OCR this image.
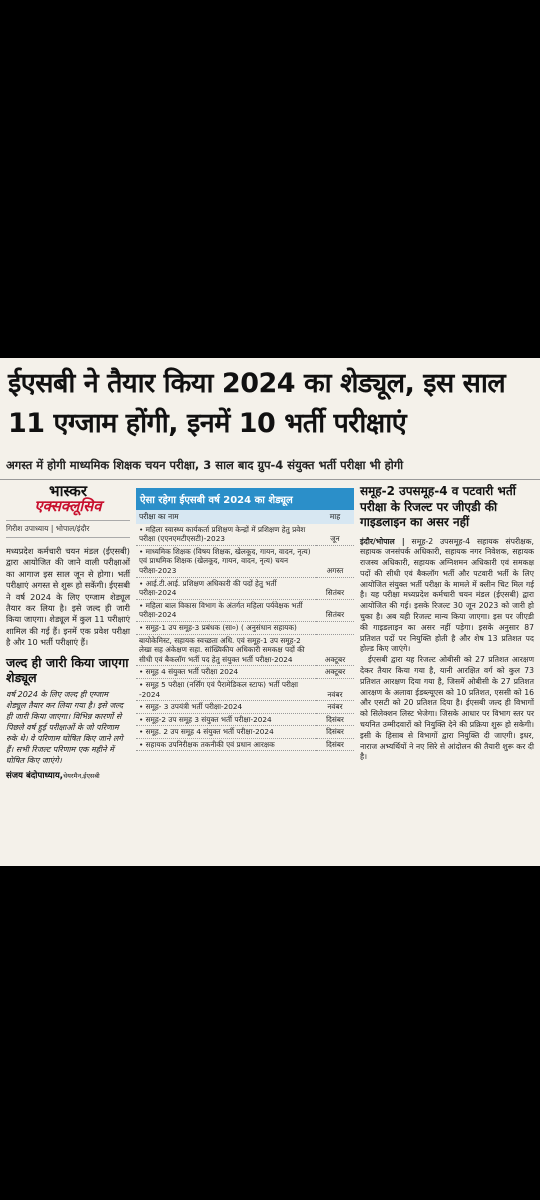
ईएसबी ने तैयार किया 2024 का शेड्यूल, इस साल 11 एग्जाम होंगी, इनमें 10 भर्ती परीक्षाएं
अगस्त में होगी माध्यमिक शिक्षक चयन परीक्षा, 3 साल बाद ग्रुप-4 संयुक्त भर्ती परीक्षा भी होगी
भास्कर
एक्सक्लूसिव
गिरीश उपाध्याय | भोपाल/इंदौर
मध्यप्रदेश कर्मचारी चयन मंडल (ईएसबी) द्वारा आयोजित की जाने वाली परीक्षाओं का आगाज इस साल जून से होगा। भर्ती परीक्षाएं अगस्त से शुरू हो सकेंगी। ईएसबी ने वर्ष 2024 के लिए एग्जाम शेड्यूल तैयार कर लिया है। इसे जल्द ही जारी किया जाएगा। शेड्यूल में कुल 11 परीक्षाएं शामिल की गई हैं। इनमें एक प्रवेश परीक्षा है और 10 भर्ती परीक्षाएं हैं।
जल्द ही जारी किया जाएगा शेड्यूल
वर्ष 2024 के लिए जल्द ही एग्जाम शेड्यूल तैयार कर लिया गया है। इसे जल्द ही जारी किया जाएगा। विभिन्न कारणों से पिछले वर्ष हुई परीक्षाओं के जो परिणाम रुके थे। वे परिणाम घोषित किए जाने लगे हैं। सभी रिजल्ट परिणाम एक महीने में घोषित किए जाएंगे।
संजय बंदोपाध्याय,चेयरमैन,ईएसबी
ऐसा रहेगा ईएसबी वर्ष 2024 का शेड्यूल
परीक्षा का नाम	माह
• महिला स्वास्थ्य कार्यकर्ता प्रशिक्षण केन्द्रों में प्रशिक्षण हेतु प्रवेश परीक्षा (एएनएमटीएसटी)-2023	जून
• माध्यमिक शिक्षक (विषय शिक्षक, खेलकूद, गायन, वादन, नृत्य) एवं प्राथमिक शिक्षक (खेलकूद, गायन, वादन, नृत्य) चयन परीक्षा-2023	अगस्त
• आई.टी.आई. प्रशिक्षण अधिकारी की पदों हेतु भर्ती परीक्षा-2024	सितंबर
• महिला बाल विकास विभाग के अंतर्गत महिला पर्यवेक्षक भर्ती परीक्षा-2024	सितंबर
• समूह-1 उप समूह-3 प्रबंधक (सा०) ( अनुसंधान सहायक)	
बायोकेमिस्ट, सहायक स्वच्छता अधि. एवं समूह-1 उप समूह-2 लेखा सह अंकेक्षण सहा. सांख्यिकीय अधिकारी समकक्ष पदों की सीधी एवं बैकलॉग भर्ती पद हेतु संयुक्त भर्ती परीक्षा-2024	अक्टूबर
• समूह 4 संयुक्त भर्ती परीक्षा 2024	अक्टूबर
• समूह 5 परीक्षा (नर्सिंग एवं पैरामेडिकल स्टाफ) भर्ती परीक्षा -2024	नवंबर
• समूह- 3 उपयंत्री भर्ती परीक्षा-2024	नवंबर
• समूह-2 उप समूह 3 संयुक्त भर्ती परीक्षा-2024	दिसंबर
• समूह. 2 उप समूह 4 संयुक्त भर्ती परीक्षा-2024	दिसंबर
• सहायक उपनिरीक्षक तकनीकी एवं प्रधान आरक्षक	दिसंबर
समूह-2 उपसमूह-4 व पटवारी भर्ती परीक्षा के रिजल्ट पर जीएडी की गाइडलाइन का असर नहीं
इंदौर/भोपाल | समूह-2 उपसमूह-4 सहायक संपरीक्षक, सहायक जनसंपर्क अधिकारी, सहायक नगर निवेशक, सहायक राजस्व अधिकारी, सहायक अग्निशमन अधिकारी एवं समकक्ष पदों की सीधी एवं बैकलॉग भर्ती और पटवारी भर्ती के लिए आयोजित संयुक्त भर्ती परीक्षा के मामले में क्लीन चिट मिल गई है। यह परीक्षा मध्यप्रदेश कर्मचारी चयन मंडल (ईएसबी) द्वारा आयोजित की गई। इसके रिजल्ट 30 जून 2023 को जारी हो चुका है। अब यही रिजल्ट मान्य किया जाएगा। इस पर जीएडी की गाइडलाइन का असर नहीं पड़ेगा। इसके अनुसार 87 प्रतिशत पदों पर नियुक्ति होती है और शेष 13 प्रतिशत पद होल्ड किए जाएंगे।
ईएसबी द्वारा यह रिजल्ट ओबीसी को 27 प्रतिशत आरक्षण देकर तैयार किया गया है, यानी आरक्षित वर्ग को कुल 73 प्रतिशत आरक्षण दिया गया है, जिसमें ओबीसी के 27 प्रतिशत आरक्षण के अलावा ईडब्ल्यूएस को 10 प्रतिशत, एससी को 16 और एसटी को 20 प्रतिशत दिया है। ईएसबी जल्द ही विभागों को सिलेक्शन लिस्ट भेजेगा। जिसके आधार पर विभाग स्तर पर चयनित उम्मीदवारों को नियुक्ति देने की प्रक्रिया शुरू हो सकेगी। इसी के हिसाब से विभागों द्वारा नियुक्ति दी जाएगी। इधर, नाराज अभ्यर्थियों ने नए सिरे से आंदोलन की तैयारी शुरू कर दी है।
